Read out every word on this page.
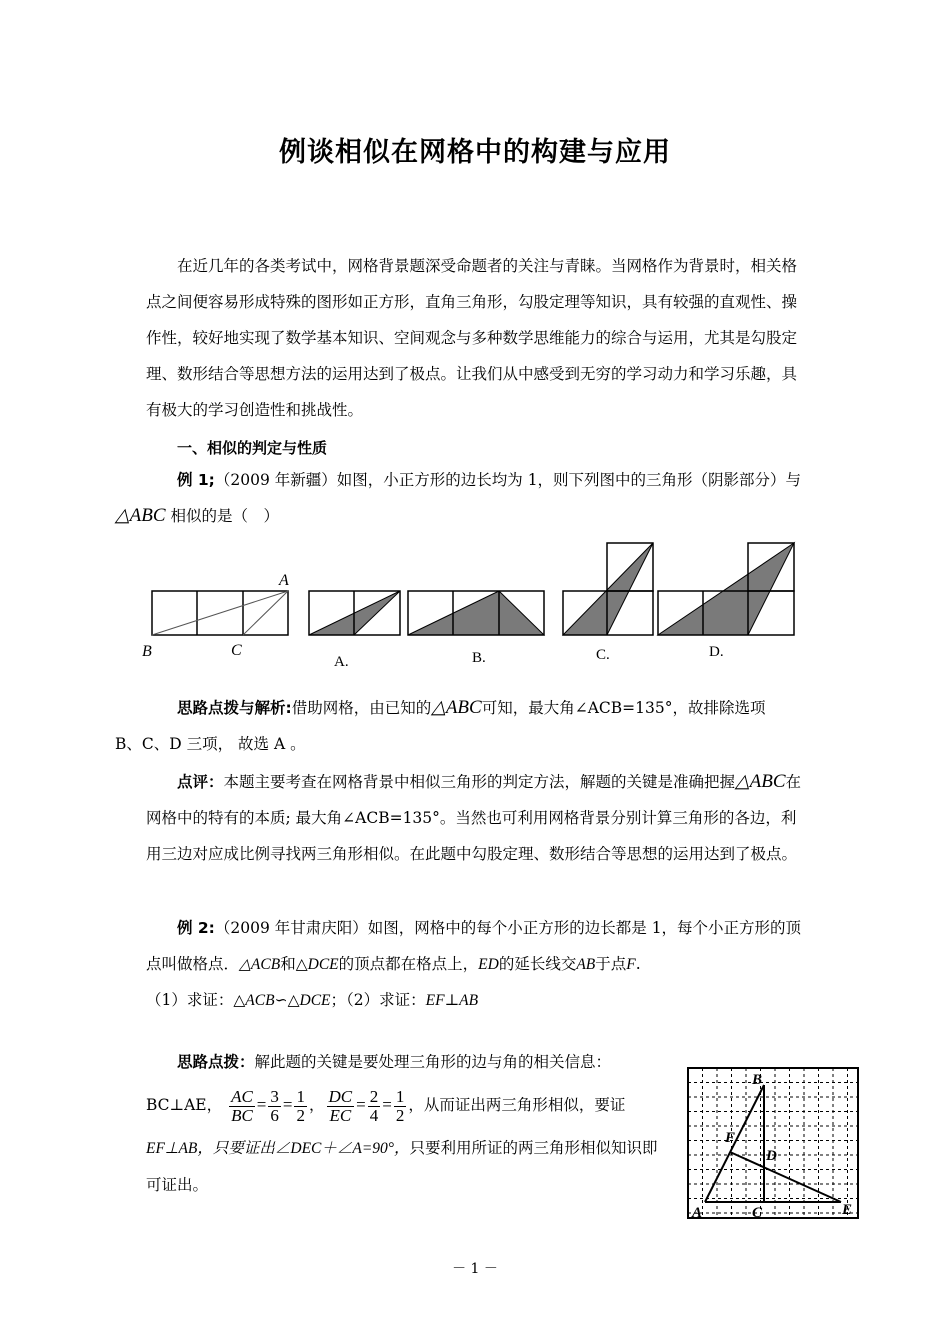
例谈相似在网格中的构建与应用
在近几年的各类考试中，网格背景题深受命题者的关注与青睐。当网格作为背景时，相关格点之间便容易形成特殊的图形如正方形，直角三角形，勾股定理等知识，具有较强的直观性、操作性，较好地实现了数学基本知识、空间观念与多种数学思维能力的综合与运用，尤其是勾股定理、数形结合等思想方法的运用达到了极点。让我们从中感受到无穷的学习动力和学习乐趣，具有极大的学习创造性和挑战性。
一、相似的判定与性质
例 1;（2009 年新疆）如图，小正方形的边长均为 1，则下列图中的三角形（阴影部分）与
△ABC 相似的是（　）
A
B	C
A.	B.	C.	D.
思路点拨与解析:借助网格，由已知的△ABC可知，最大角∠ACB=135°，故排除选项
B、C、D 三项， 故选 A 。
点评：本题主要考查在网格背景中相似三角形的判定方法，解题的关键是准确把握△ABC在网格中的特有的本质; 最大角∠ACB=135°。当然也可利用网格背景分别计算三角形的各边，利用三边对应成比例寻找两三角形相似。在此题中勾股定理、数形结合等思想的运用达到了极点。
例 2:（2009 年甘肃庆阳）如图，网格中的每个小正方形的边长都是 1，每个小正方形的顶点叫做格点．△ACB和△DCE的顶点都在格点上，ED的延长线交AB于点F.
（1）求证：△ACB∽△DCE；（2）求证：EF⊥AB
思路点拨：解此题的关键是要处理三角形的边与角的相关信息：
BC⊥AE， $\frac{AC}{BC} = \frac{3}{6} = \frac{1}{2}$ ， $\frac{DC}{EC} = \frac{2}{4} = \frac{1}{2}$ ，从而证出两三角形相似，要证
EF⊥AB，只要证出∠DEC＋∠A=90°，只要利用所证的两三角形相似知识即可证出。
B
F
D
A	C	E
－ 1 －
